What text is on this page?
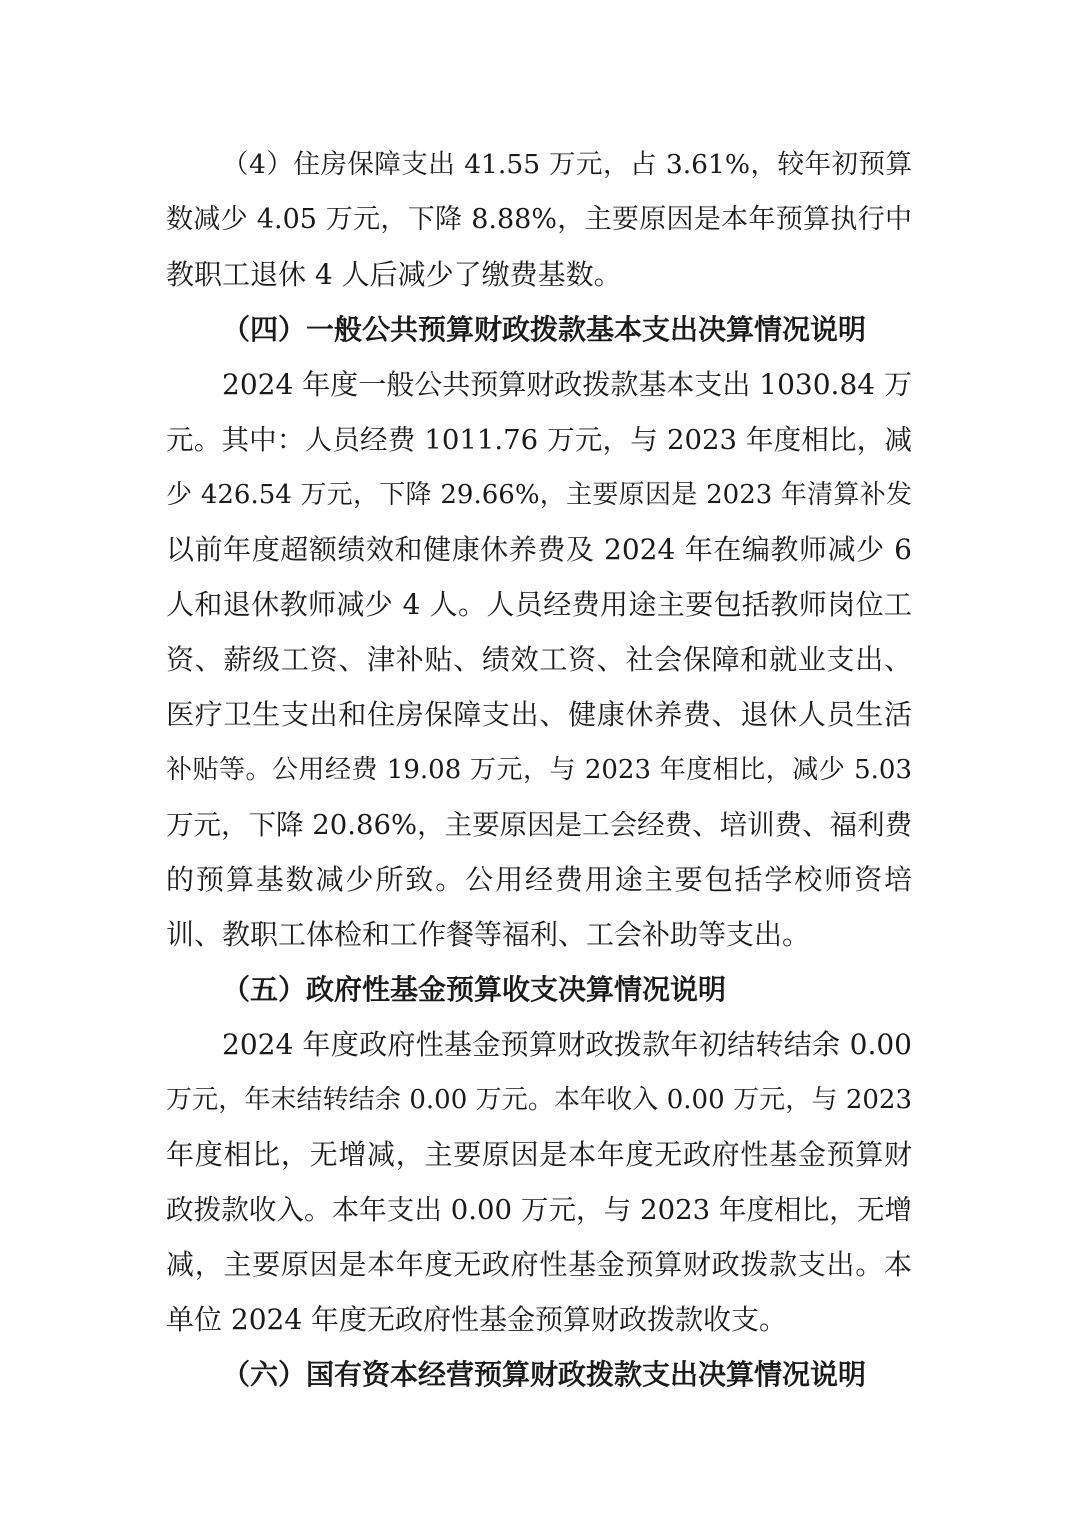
（4）住房保障支出 41.55 万元，占 3.61%，较年初预算
数减少 4.05 万元，下降 8.88%，主要原因是本年预算执行中
教职工退休 4 人后减少了缴费基数。
（四）一般公共预算财政拨款基本支出决算情况说明
2024 年度一般公共预算财政拨款基本支出 1030.84 万
元。其中：人员经费 1011.76 万元，与 2023 年度相比，减
少 426.54 万元，下降 29.66%，主要原因是 2023 年清算补发
以前年度超额绩效和健康休养费及 2024 年在编教师减少 6
人和退休教师减少 4 人。人员经费用途主要包括教师岗位工
资、薪级工资、津补贴、绩效工资、社会保障和就业支出、
医疗卫生支出和住房保障支出、健康休养费、退休人员生活
补贴等。公用经费 19.08 万元，与 2023 年度相比，减少 5.03
万元，下降 20.86%，主要原因是工会经费、培训费、福利费
的预算基数减少所致。公用经费用途主要包括学校师资培
训、教职工体检和工作餐等福利、工会补助等支出。
（五）政府性基金预算收支决算情况说明
2024 年度政府性基金预算财政拨款年初结转结余 0.00
万元，年末结转结余 0.00 万元。本年收入 0.00 万元，与 2023
年度相比，无增减，主要原因是本年度无政府性基金预算财
政拨款收入。本年支出 0.00 万元，与 2023 年度相比，无增
减，主要原因是本年度无政府性基金预算财政拨款支出。本
单位 2024 年度无政府性基金预算财政拨款收支。
（六）国有资本经营预算财政拨款支出决算情况说明
